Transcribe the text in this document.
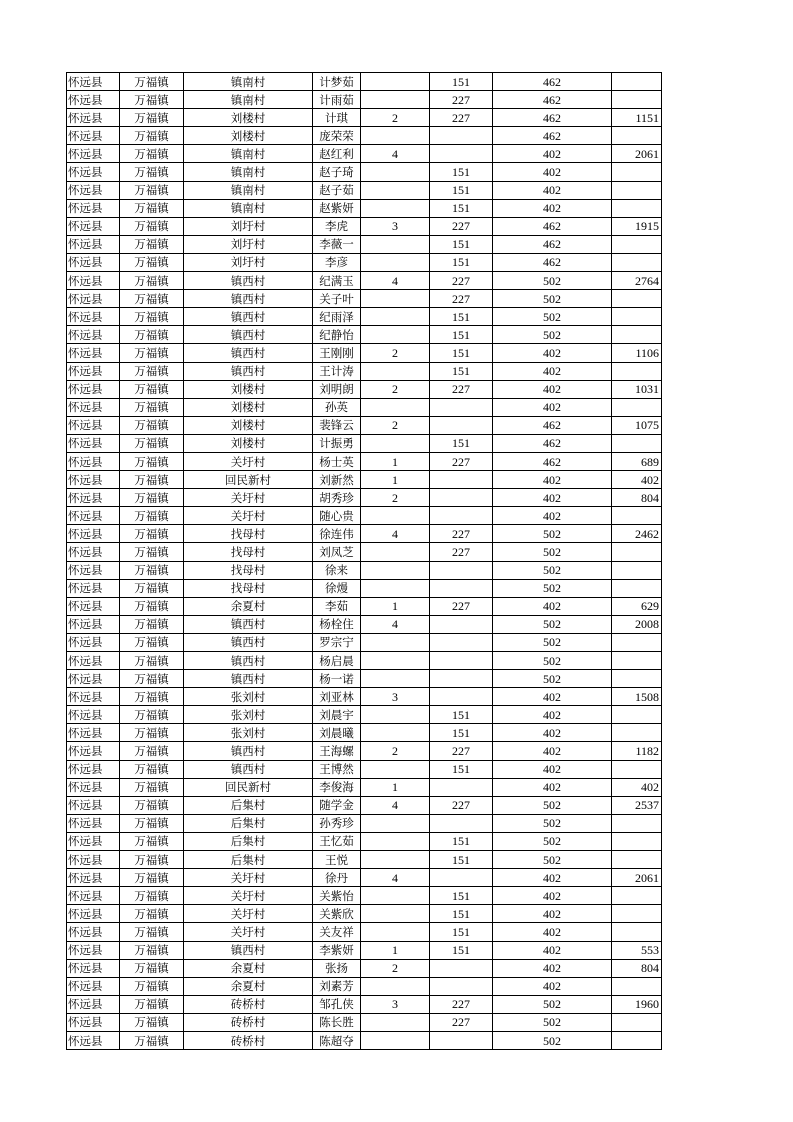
怀远县	万福镇	镇南村	计梦茹		151	462	
怀远县	万福镇	镇南村	计雨茹		227	462	
怀远县	万福镇	刘楼村	计琪	2	227	462	1151
怀远县	万福镇	刘楼村	庞荣荣			462	
怀远县	万福镇	镇南村	赵红利	4		402	2061
怀远县	万福镇	镇南村	赵子琦		151	402	
怀远县	万福镇	镇南村	赵子茹		151	402	
怀远县	万福镇	镇南村	赵紫妍		151	402	
怀远县	万福镇	刘圩村	李虎	3	227	462	1915
怀远县	万福镇	刘圩村	李薇一		151	462	
怀远县	万福镇	刘圩村	李彦		151	462	
怀远县	万福镇	镇西村	纪满玉	4	227	502	2764
怀远县	万福镇	镇西村	关子叶		227	502	
怀远县	万福镇	镇西村	纪雨泽		151	502	
怀远县	万福镇	镇西村	纪静怡		151	502	
怀远县	万福镇	镇西村	王刚刚	2	151	402	1106
怀远县	万福镇	镇西村	王计涛		151	402	
怀远县	万福镇	刘楼村	刘明朗	2	227	402	1031
怀远县	万福镇	刘楼村	孙英			402	
怀远县	万福镇	刘楼村	裴锋云	2		462	1075
怀远县	万福镇	刘楼村	计振勇		151	462	
怀远县	万福镇	关圩村	杨士英	1	227	462	689
怀远县	万福镇	回民新村	刘新然	1		402	402
怀远县	万福镇	关圩村	胡秀珍	2		402	804
怀远县	万福镇	关圩村	随心贵			402	
怀远县	万福镇	找母村	徐连伟	4	227	502	2462
怀远县	万福镇	找母村	刘凤芝		227	502	
怀远县	万福镇	找母村	徐来			502	
怀远县	万福镇	找母村	徐熳			502	
怀远县	万福镇	余夏村	李茹	1	227	402	629
怀远县	万福镇	镇西村	杨栓住	4		502	2008
怀远县	万福镇	镇西村	罗宗宁			502	
怀远县	万福镇	镇西村	杨启晨			502	
怀远县	万福镇	镇西村	杨一诺			502	
怀远县	万福镇	张刘村	刘亚林	3		402	1508
怀远县	万福镇	张刘村	刘晨宇		151	402	
怀远县	万福镇	张刘村	刘晨曦		151	402	
怀远县	万福镇	镇西村	王海螺	2	227	402	1182
怀远县	万福镇	镇西村	王博然		151	402	
怀远县	万福镇	回民新村	李俊海	1		402	402
怀远县	万福镇	后集村	随学金	4	227	502	2537
怀远县	万福镇	后集村	孙秀珍			502	
怀远县	万福镇	后集村	王忆茹		151	502	
怀远县	万福镇	后集村	王悦		151	502	
怀远县	万福镇	关圩村	徐丹	4		402	2061
怀远县	万福镇	关圩村	关紫怡		151	402	
怀远县	万福镇	关圩村	关紫欣		151	402	
怀远县	万福镇	关圩村	关友祥		151	402	
怀远县	万福镇	镇西村	李紫妍	1	151	402	553
怀远县	万福镇	余夏村	张扬	2		402	804
怀远县	万福镇	余夏村	刘素芳			402	
怀远县	万福镇	砖桥村	邹孔侠	3	227	502	1960
怀远县	万福镇	砖桥村	陈长胜		227	502	
怀远县	万福镇	砖桥村	陈超夺			502	
